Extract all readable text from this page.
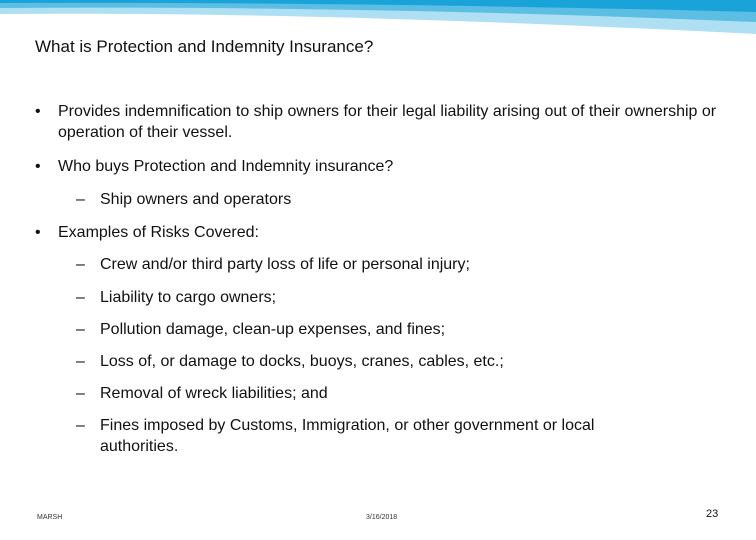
What is Protection and Indemnity Insurance?
• Provides indemnification to ship owners for their legal liability arising out of their ownership or operation of their vessel.
• Who buys Protection and Indemnity insurance?
– Ship owners and operators
• Examples of Risks Covered:
– Crew and/or third party loss of life or personal injury;
– Liability to cargo owners;
– Pollution damage, clean-up expenses, and fines;
– Loss of, or damage to docks, buoys, cranes, cables, etc.;
– Removal of wreck liabilities; and
– Fines imposed by Customs, Immigration, or other government or local authorities.
MARSH	3/16/2018	23
